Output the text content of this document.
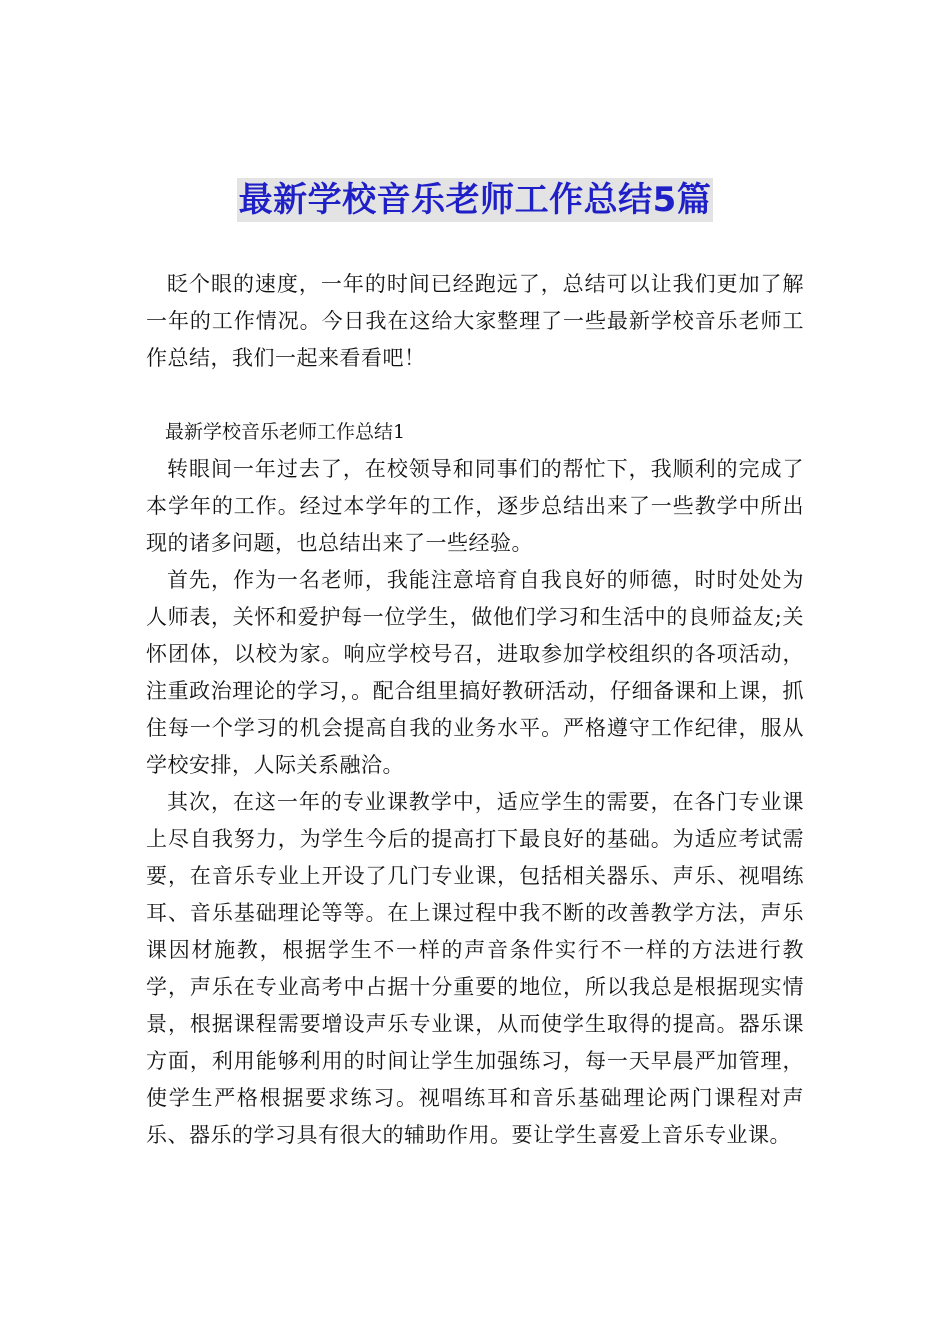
最新学校音乐老师工作总结5篇

眨个眼的速度，一年的时间已经跑远了，总结可以让我们更加了解一年的工作情况。今日我在这给大家整理了一些最新学校音乐老师工作总结，我们一起来看看吧！

最新学校音乐老师工作总结1

转眼间一年过去了，在校领导和同事们的帮忙下，我顺利的完成了本学年的工作。经过本学年的工作，逐步总结出来了一些教学中所出现的诸多问题，也总结出来了一些经验。

首先，作为一名老师，我能注意培育自我良好的师德，时时处处为人师表，关怀和爱护每一位学生，做他们学习和生活中的良师益友;关怀团体，以校为家。响应学校号召，进取参加学校组织的各项活动，注重政治理论的学习，。配合组里搞好教研活动，仔细备课和上课，抓住每一个学习的机会提高自我的业务水平。严格遵守工作纪律，服从学校安排，人际关系融洽。

其次，在这一年的专业课教学中，适应学生的需要，在各门专业课上尽自我努力，为学生今后的提高打下最良好的基础。为适应考试需要，在音乐专业上开设了几门专业课，包括相关器乐、声乐、视唱练耳、音乐基础理论等等。在上课过程中我不断的改善教学方法，声乐课因材施教，根据学生不一样的声音条件实行不一样的方法进行教学，声乐在专业高考中占据十分重要的地位，所以我总是根据现实情景，根据课程需要增设声乐专业课，从而使学生取得的提高。器乐课方面，利用能够利用的时间让学生加强练习，每一天早晨严加管理，使学生严格根据要求练习。视唱练耳和音乐基础理论两门课程对声乐、器乐的学习具有很大的辅助作用。要让学生喜爱上音乐专业课。
